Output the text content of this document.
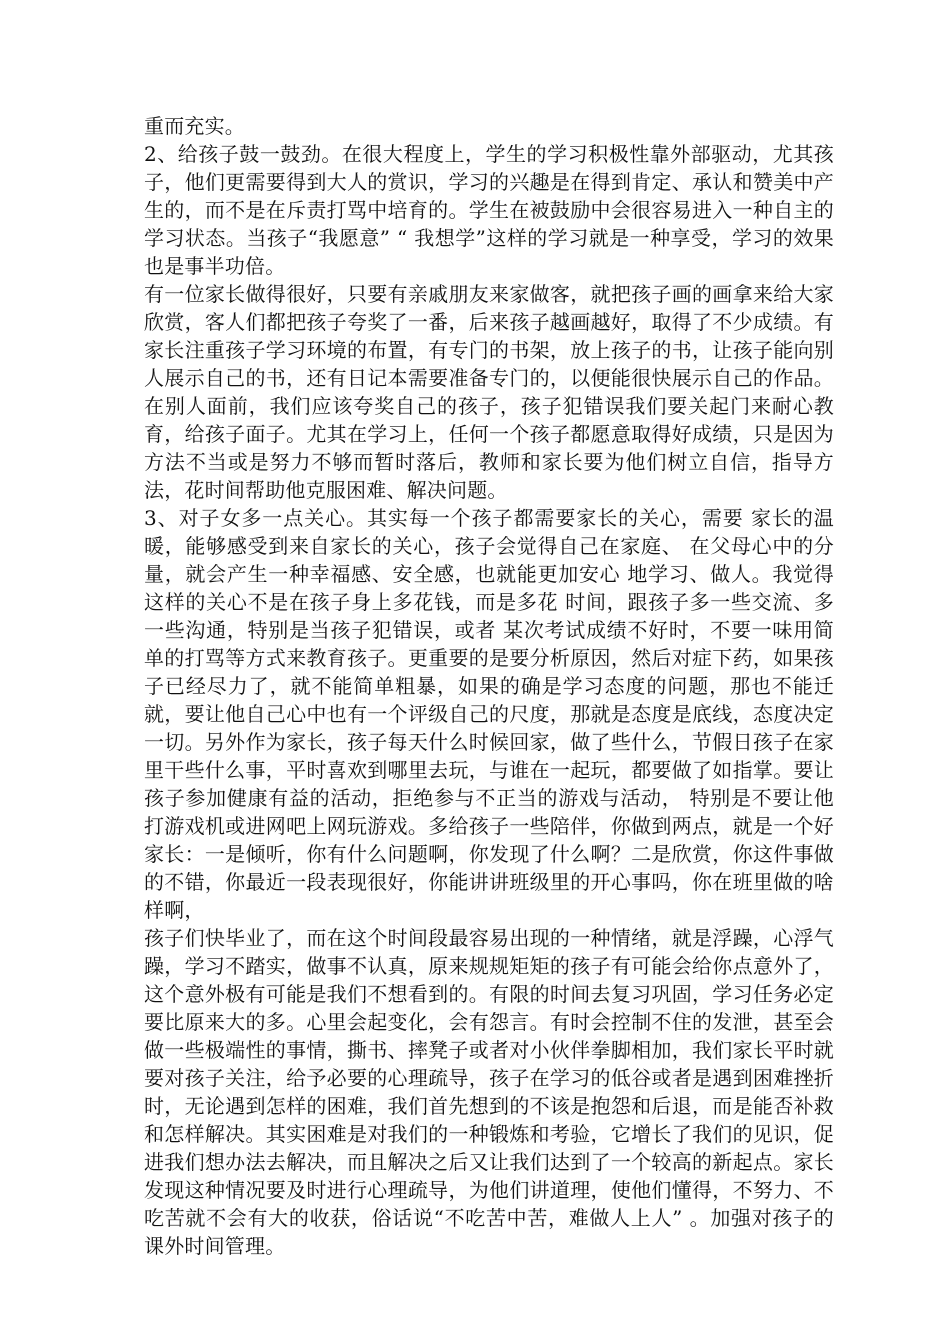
重而充实。

2、给孩子鼓一鼓劲。在很大程度上，学生的学习积极性靠外部驱动，尤其孩子，他们更需要得到大人的赏识，学习的兴趣是在得到肯定、承认和赞美中产生的，而不是在斥责打骂中培育的。学生在被鼓励中会很容易进入一种自主的学习状态。当孩子“我愿意” “ 我想学”这样的学习就是一种享受，学习的效果也是事半功倍。

有一位家长做得很好，只要有亲戚朋友来家做客，就把孩子画的画拿来给大家欣赏，客人们都把孩子夸奖了一番，后来孩子越画越好，取得了不少成绩。有家长注重孩子学习环境的布置，有专门的书架，放上孩子的书，让孩子能向别人展示自己的书，还有日记本需要准备专门的，以便能很快展示自己的作品。在别人面前，我们应该夸奖自己的孩子，孩子犯错误我们要关起门来耐心教育，给孩子面子。尤其在学习上，任何一个孩子都愿意取得好成绩，只是因为方法不当或是努力不够而暂时落后，教师和家长要为他们树立自信，指导方法，花时间帮助他克服困难、解决问题。

3、对子女多一点关心。其实每一个孩子都需要家长的关心，需要 家长的温暖，能够感受到来自家长的关心，孩子会觉得自己在家庭、 在父母心中的分量，就会产生一种幸福感、安全感，也就能更加安心 地学习、做人。我觉得这样的关心不是在孩子身上多花钱，而是多花 时间，跟孩子多一些交流、多一些沟通，特别是当孩子犯错误，或者 某次考试成绩不好时，不要一味用简单的打骂等方式来教育孩子。更重要的是要分析原因，然后对症下药，如果孩子已经尽力了，就不能简单粗暴，如果的确是学习态度的问题，那也不能迁就，要让他自己心中也有一个评级自己的尺度，那就是态度是底线，态度决定一切。另外作为家长，孩子每天什么时候回家，做了些什么，节假日孩子在家里干些什么事，平时喜欢到哪里去玩，与谁在一起玩，都要做了如指掌。要让孩子参加健康有益的活动，拒绝参与不正当的游戏与活动， 特别是不要让他打游戏机或进网吧上网玩游戏。多给孩子一些陪伴，你做到两点，就是一个好家长：一是倾听，你有什么问题啊，你发现了什么啊？二是欣赏，你这件事做的不错，你最近一段表现很好，你能讲讲班级里的开心事吗，你在班里做的啥样啊，

孩子们快毕业了，而在这个时间段最容易出现的一种情绪，就是浮躁，心浮气躁，学习不踏实，做事不认真，原来规规矩矩的孩子有可能会给你点意外了，这个意外极有可能是我们不想看到的。有限的时间去复习巩固，学习任务必定要比原来大的多。心里会起变化，会有怨言。有时会控制不住的发泄，甚至会做一些极端性的事情，撕书、摔凳子或者对小伙伴拳脚相加，我们家长平时就要对孩子关注，给予必要的心理疏导，孩子在学习的低谷或者是遇到困难挫折时，无论遇到怎样的困难，我们首先想到的不该是抱怨和后退，而是能否补救和怎样解决。其实困难是对我们的一种锻炼和考验，它增长了我们的见识，促进我们想办法去解决，而且解决之后又让我们达到了一个较高的新起点。家长发现这种情况要及时进行心理疏导，为他们讲道理，使他们懂得，不努力、不吃苦就不会有大的收获，俗话说“不吃苦中苦，难做人上人” 。加强对孩子的课外时间管理。
